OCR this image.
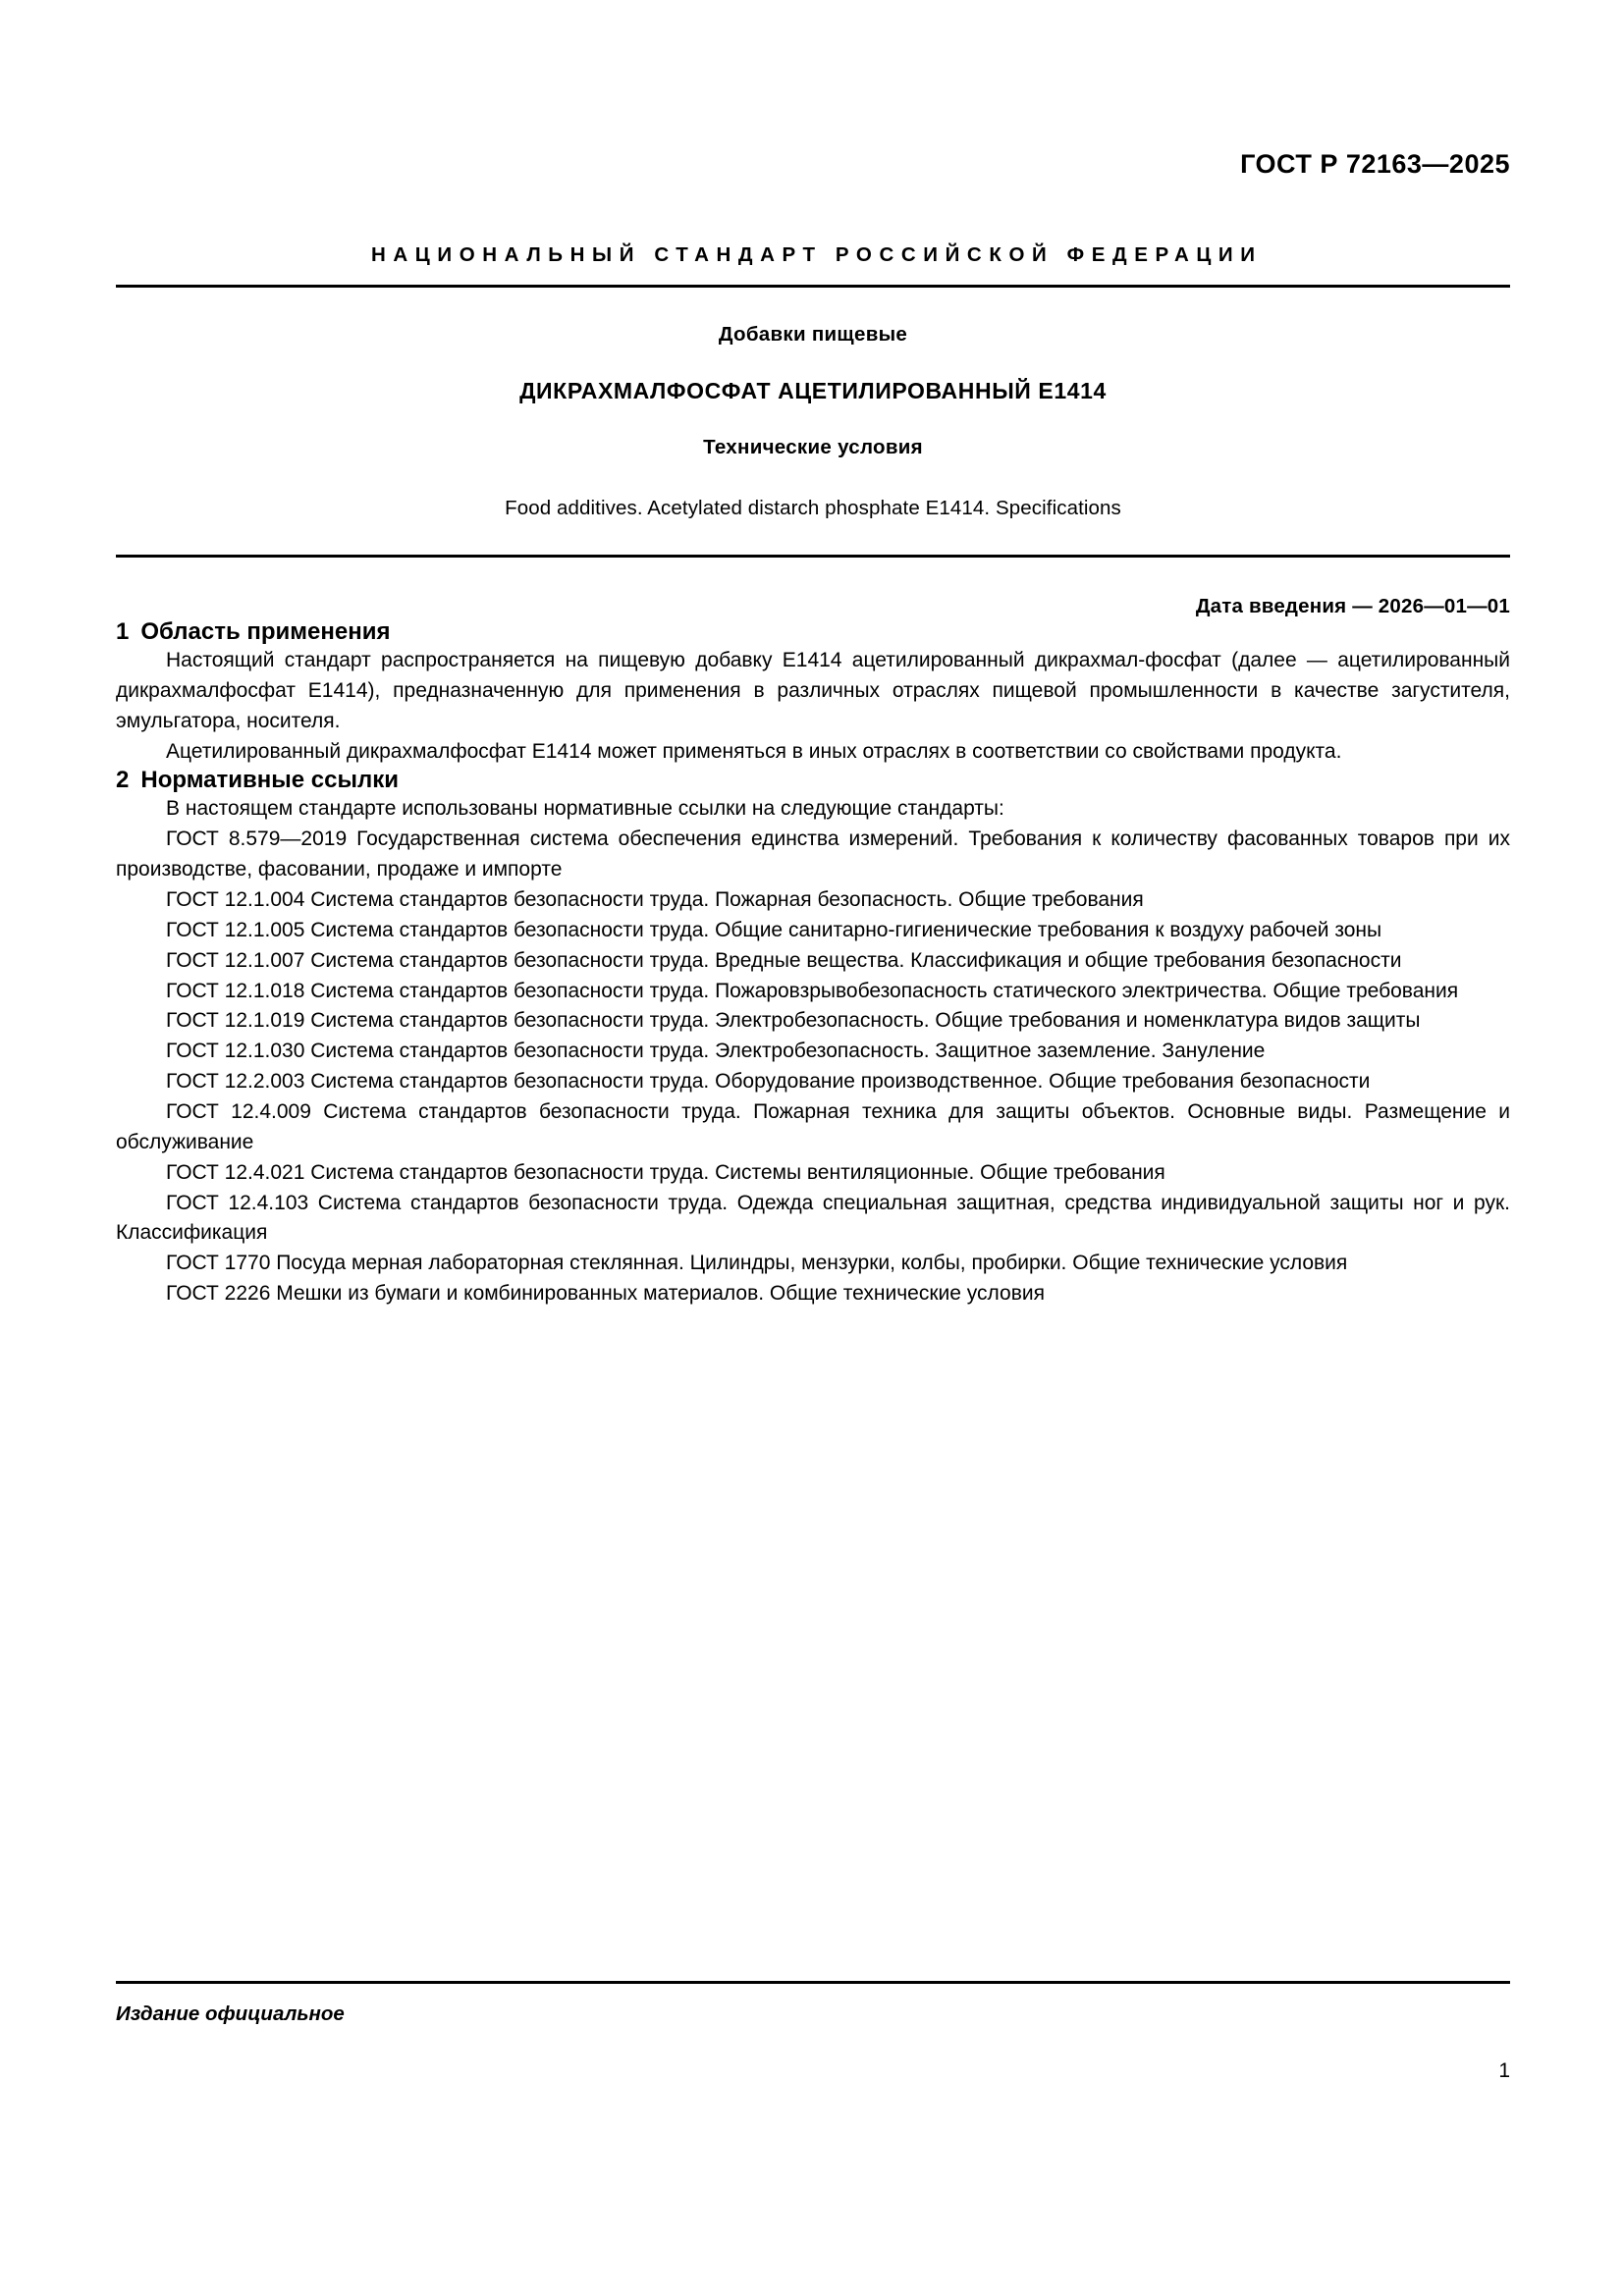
ГОСТ Р 72163—2025
НАЦИОНАЛЬНЫЙ СТАНДАРТ РОССИЙСКОЙ ФЕДЕРАЦИИ
Добавки пищевые
ДИКРАХМАЛФОСФАТ АЦЕТИЛИРОВАННЫЙ Е1414
Технические условия
Food additives. Acetylated distarch phosphate E1414. Specifications
Дата введения — 2026—01—01
1 Область применения

Настоящий стандарт распространяется на пищевую добавку Е1414 ацетилированный дикрахмал-фосфат (далее — ацетилированный дикрахмалфосфат Е1414), предназначенную для применения в различных отраслях пищевой промышленности в качестве загустителя, эмульгатора, носителя.

Ацетилированный дикрахмалфосфат Е1414 может применяться в иных отраслях в соответствии со свойствами продукта.

2 Нормативные ссылки

В настоящем стандарте использованы нормативные ссылки на следующие стандарты:

ГОСТ 8.579—2019 Государственная система обеспечения единства измерений. Требования к количеству фасованных товаров при их производстве, фасовании, продаже и импорте

ГОСТ 12.1.004 Система стандартов безопасности труда. Пожарная безопасность. Общие требования

ГОСТ 12.1.005 Система стандартов безопасности труда. Общие санитарно-гигиенические требования к воздуху рабочей зоны

ГОСТ 12.1.007 Система стандартов безопасности труда. Вредные вещества. Классификация и общие требования безопасности

ГОСТ 12.1.018 Система стандартов безопасности труда. Пожаровзрывобезопасность статического электричества. Общие требования

ГОСТ 12.1.019 Система стандартов безопасности труда. Электробезопасность. Общие требования и номенклатура видов защиты

ГОСТ 12.1.030 Система стандартов безопасности труда. Электробезопасность. Защитное заземление. Зануление

ГОСТ 12.2.003 Система стандартов безопасности труда. Оборудование производственное. Общие требования безопасности

ГОСТ 12.4.009 Система стандартов безопасности труда. Пожарная техника для защиты объектов. Основные виды. Размещение и обслуживание

ГОСТ 12.4.021 Система стандартов безопасности труда. Системы вентиляционные. Общие требования

ГОСТ 12.4.103 Система стандартов безопасности труда. Одежда специальная защитная, средства индивидуальной защиты ног и рук. Классификация

ГОСТ 1770 Посуда мерная лабораторная стеклянная. Цилиндры, мензурки, колбы, пробирки. Общие технические условия

ГОСТ 2226 Мешки из бумаги и комбинированных материалов. Общие технические условия

Издание официальное
1
